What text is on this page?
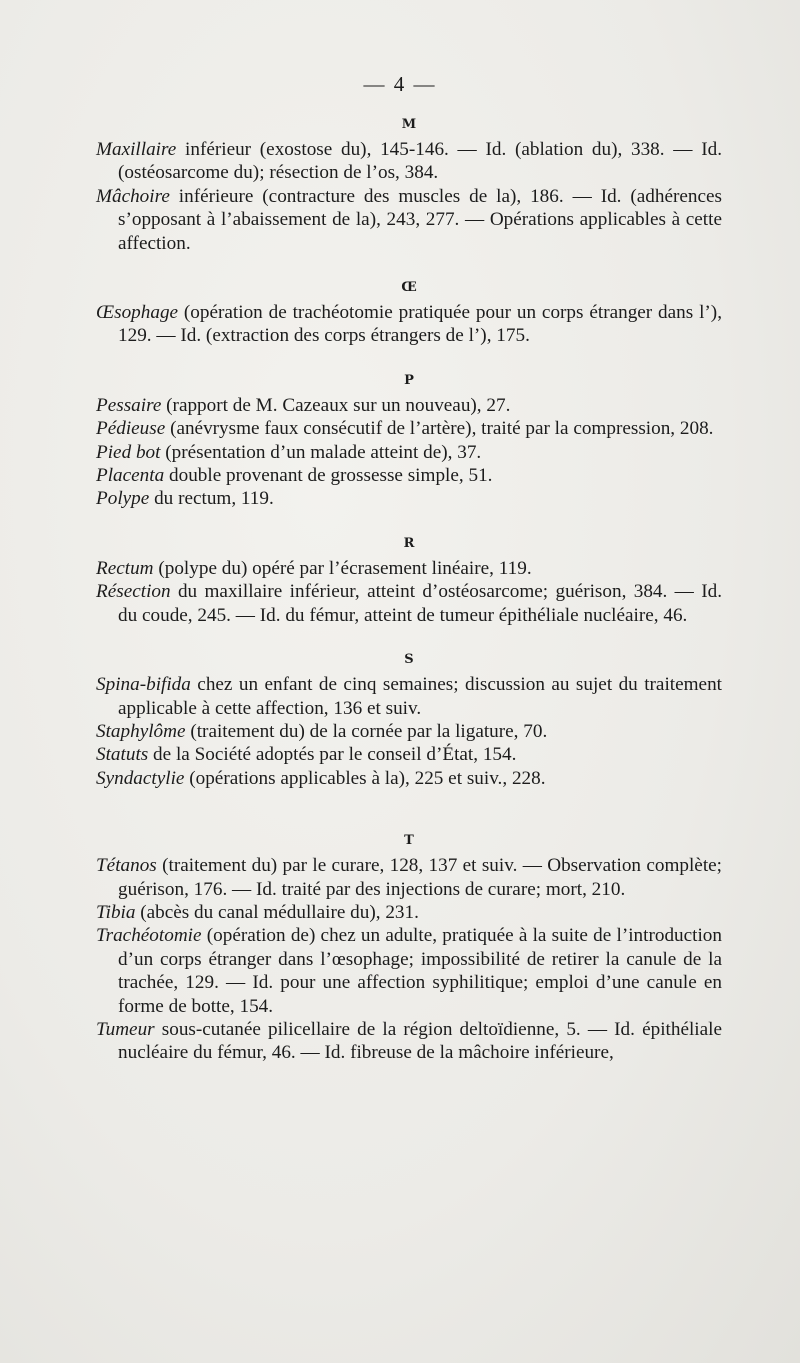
— 4 —
M
Maxillaire inférieur (exostose du), 145-146. — Id. (ablation du), 338. — Id. (ostéosarcome du); résection de l’os, 384.
Mâchoire inférieure (contracture des muscles de la), 186. — Id. (adhérences s’opposant à l’abaissement de la), 243, 277. — Opérations applicables à cette affection.
Œ
Œsophage (opération de trachéotomie pratiquée pour un corps étranger dans l’), 129. — Id. (extraction des corps étrangers de l’), 175.
P
Pessaire (rapport de M. Cazeaux sur un nouveau), 27.
Pédieuse (anévrysme faux consécutif de l’artère), traité par la compression, 208.
Pied bot (présentation d’un malade atteint de), 37.
Placenta double provenant de grossesse simple, 51.
Polype du rectum, 119.
R
Rectum (polype du) opéré par l’écrasement linéaire, 119.
Résection du maxillaire inférieur, atteint d’ostéosarcome; guérison, 384. — Id. du coude, 245. — Id. du fémur, atteint de tumeur épithéliale nucléaire, 46.
S
Spina-bifida chez un enfant de cinq semaines; discussion au sujet du traitement applicable à cette affection, 136 et suiv.
Staphylôme (traitement du) de la cornée par la ligature, 70.
Statuts de la Société adoptés par le conseil d’État, 154.
Syndactylie (opérations applicables à la), 225 et suiv., 228.
T
Tétanos (traitement du) par le curare, 128, 137 et suiv. — Observation complète; guérison, 176. — Id. traité par des injections de curare; mort, 210.
Tibia (abcès du canal médullaire du), 231.
Trachéotomie (opération de) chez un adulte, pratiquée à la suite de l’introduction d’un corps étranger dans l’œsophage; impossibilité de retirer la canule de la trachée, 129. — Id. pour une affection syphilitique; emploi d’une canule en forme de botte, 154.
Tumeur sous-cutanée pilicellaire de la région deltoïdienne, 5. — Id. épithéliale nucléaire du fémur, 46. — Id. fibreuse de la mâchoire inférieure,
